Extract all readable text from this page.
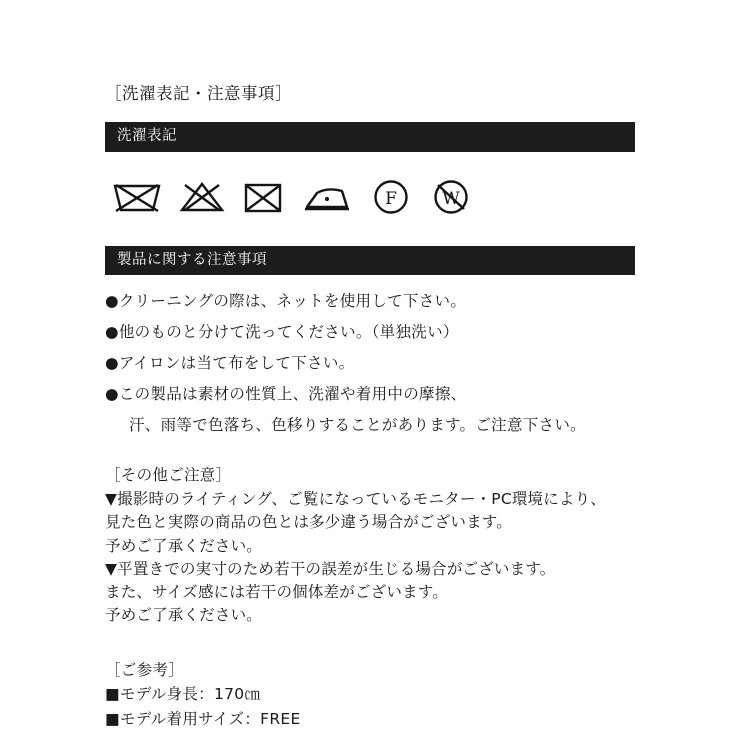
［洗濯表記・注意事項］
洗濯表記
F	W
製品に関する注意事項

●クリーニングの際は、ネットを使用して下さい。

●他のものと分けて洗ってください。（単独洗い）

●アイロンは当て布をして下さい。

●この製品は素材の性質上、洗濯や着用中の摩擦、

汗、雨等で色落ち、色移りすることがあります。ご注意下さい。

［その他ご注意］

▼撮影時のライティング、ご覧になっているモニター・PC環境により、

見た色と実際の商品の色とは多少違う場合がございます。

予めご了承ください。

▼平置きでの実寸のため若干の誤差が生じる場合がございます。

また、サイズ感には若干の個体差がございます。

予めご了承ください。

［ご参考］

■モデル身長：170㎝

■モデル着用サイズ：FREE
